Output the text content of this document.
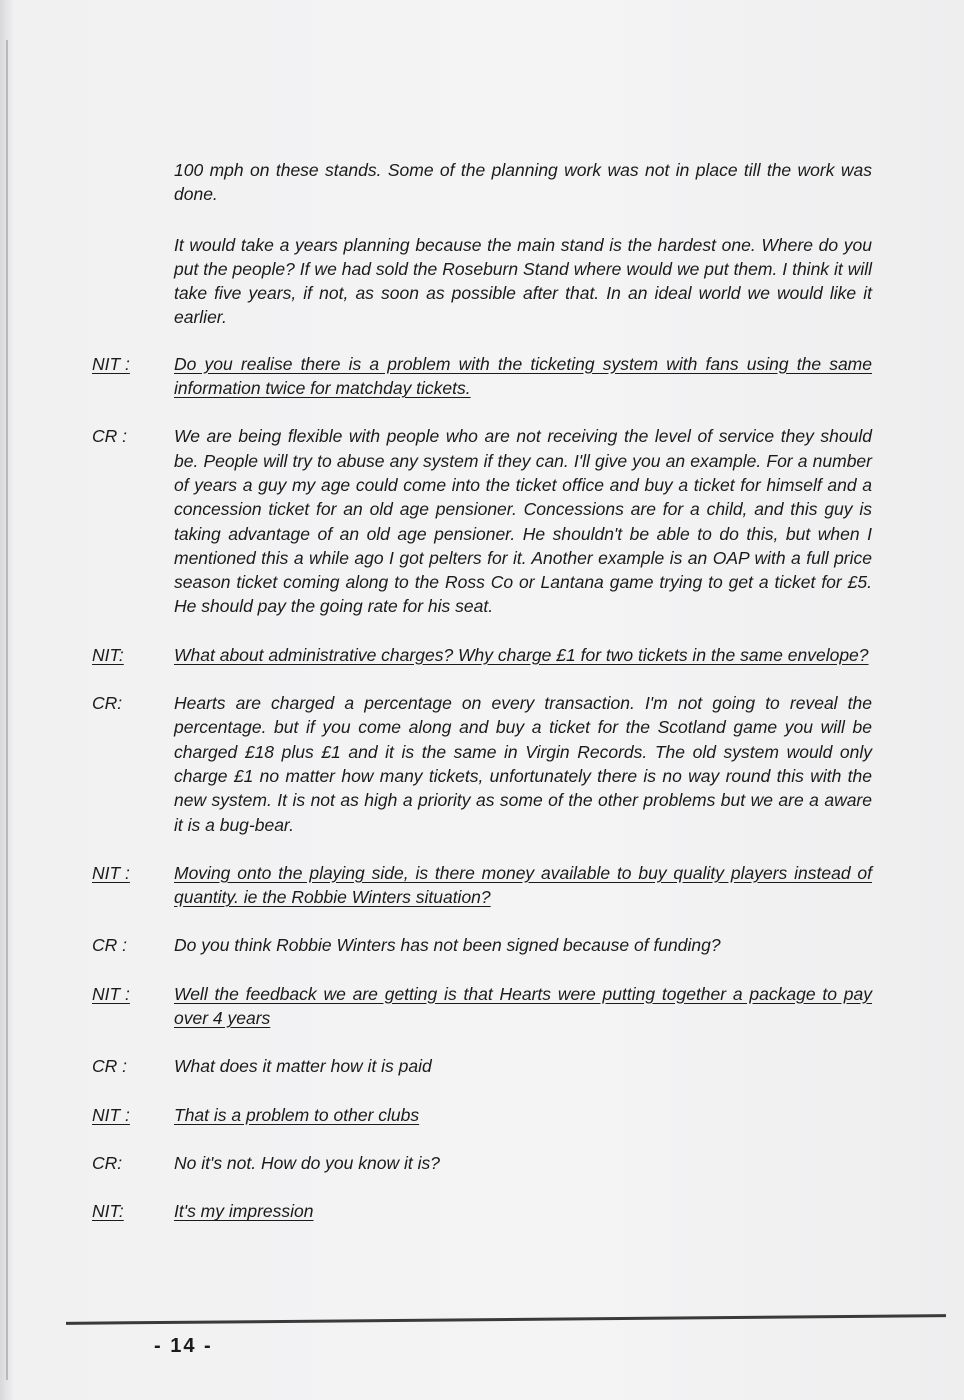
100 mph on these stands. Some of the planning work was not in place till the work was done.
It would take a years planning because the main stand is the hardest one. Where do you put the people? If we had sold the Roseburn Stand where would we put them. I think it will take five years, if not, as soon as possible after that. In an ideal world we would like it earlier.
NIT :	Do you realise there is a problem with the ticketing system with fans using the same information twice for matchday tickets.
CR :	We are being flexible with people who are not receiving the level of service they should be. People will try to abuse any system if they can. I'll give you an example. For a number of years a guy my age could come into the ticket office and buy a ticket for himself and a concession ticket for an old age pensioner. Concessions are for a child, and this guy is taking advantage of an old age pensioner. He shouldn't be able to do this, but when I mentioned this a while ago I got pelters for it. Another example is an OAP with a full price season ticket coming along to the Ross Co or Lantana game trying to get a ticket for £5. He should pay the going rate for his seat.
NIT:	What about administrative charges? Why charge £1 for two tickets in the same envelope?
CR:	Hearts are charged a percentage on every transaction. I'm not going to reveal the percentage. but if you come along and buy a ticket for the Scotland game you will be charged £18 plus £1 and it is the same in Virgin Records. The old system would only charge £1 no matter how many tickets, unfortunately there is no way round this with the new system. It is not as high a priority as some of the other problems but we are a aware it is a bug-bear.
NIT :	Moving onto the playing side, is there money available to buy quality players instead of quantity. ie the Robbie Winters situation?
CR :	Do you think Robbie Winters has not been signed because of funding?
NIT :	Well the feedback we are getting is that Hearts were putting together a package to pay over 4 years
CR :	What does it matter how it is paid
NIT :	That is a problem to other clubs
CR:	No it's not. How do you know it is?
NIT:	It's my impression
- 14 -
